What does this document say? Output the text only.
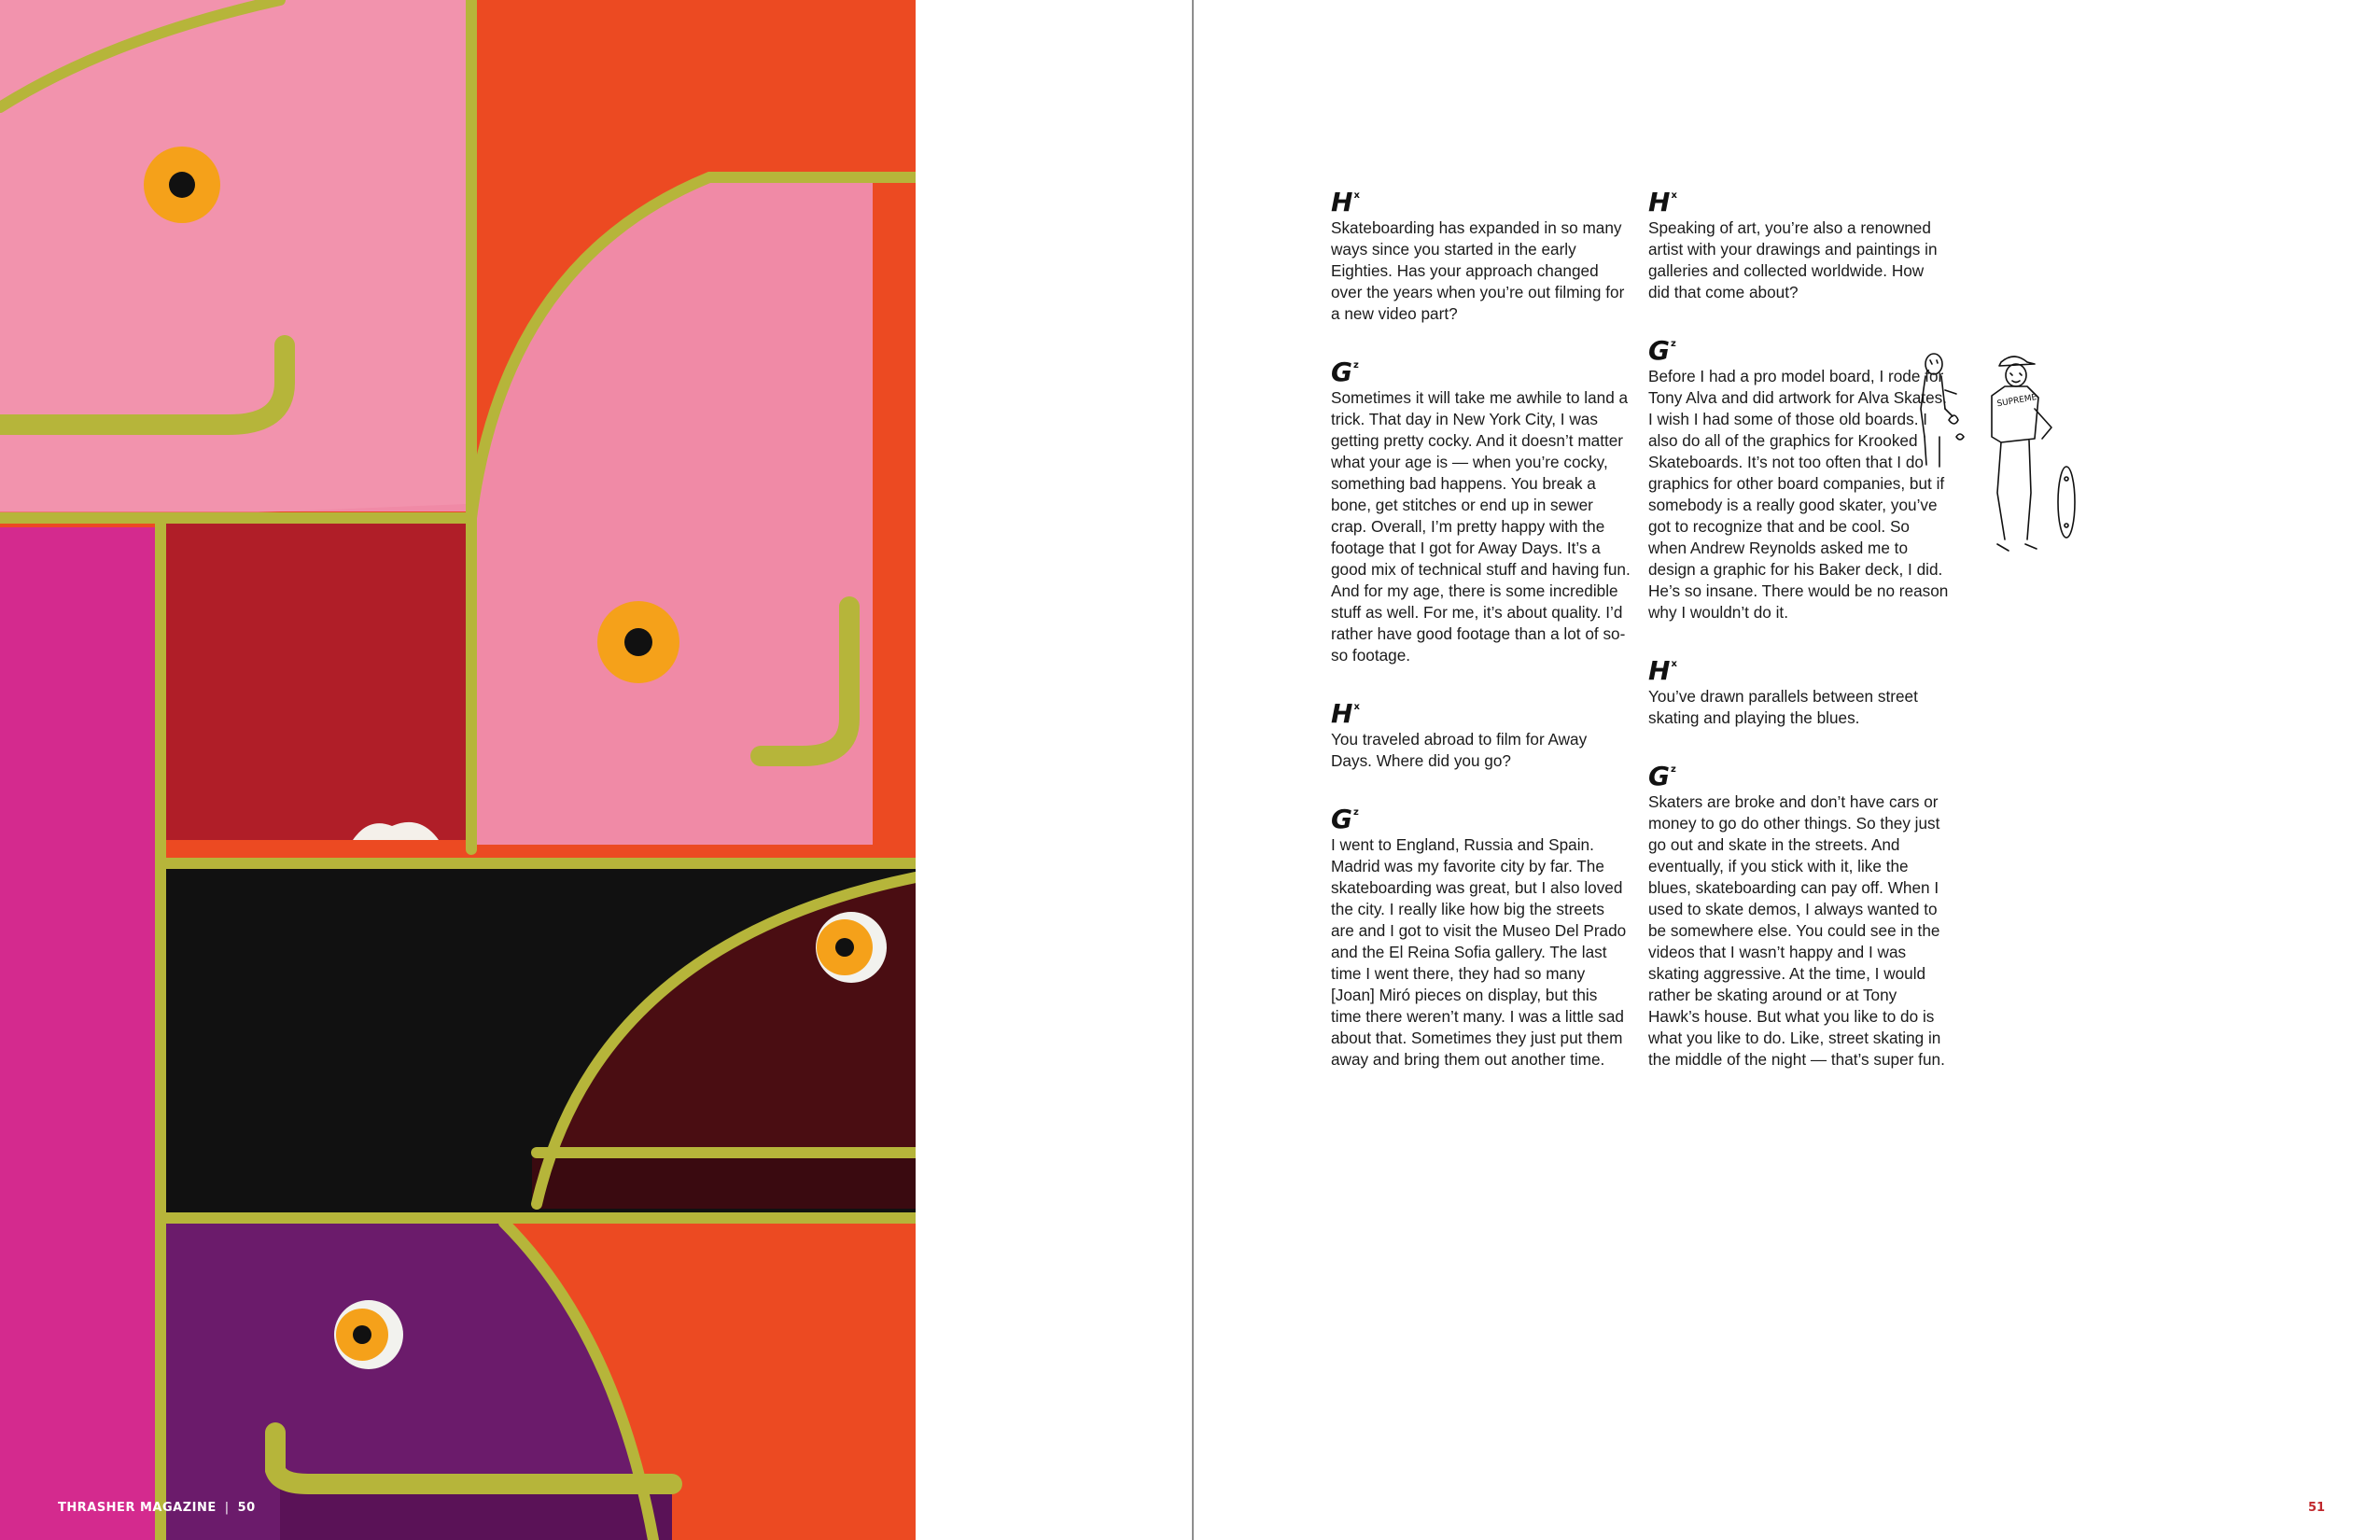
THRASHER MAGAZINE | 50
$H^x$

Skateboarding has expanded in so many ways since you started in the early Eighties. Has your approach changed over the years when you’re out filming for a new video part?

$G^z$

Sometimes it will take me awhile to land a trick. That day in New York City, I was getting pretty cocky. And it doesn’t matter what your age is — when you’re cocky, something bad happens. You break a bone, get stitches or end up in sewer crap. Overall, I’m pretty happy with the footage that I got for Away Days. It’s a good mix of technical stuff and having fun. And for my age, there is some incredible stuff as well. For me, it’s about quality. I’d rather have good footage than a lot of so-so footage.

$H^x$

You traveled abroad to film for Away Days. Where did you go?

$G^z$

I went to England, Russia and Spain. Madrid was my favorite city by far. The skateboarding was great, but I also loved the city. I really like how big the streets are and I got to visit the Museo Del Prado and the El Reina Sofia gallery. The last time I went there, they had so many [Joan] Miró pieces on display, but this time there weren’t many. I was a little sad about that. Sometimes they just put them away and bring them out another time.

$H^x$

Speaking of art, you’re also a renowned artist with your drawings and paintings in galleries and collected worldwide. How did that come about?

$G^z$

Before I had a pro model board, I rode for Tony Alva and did artwork for Alva Skates. I wish I had some of those old boards. I also do all of the graphics for Krooked Skateboards. It’s not too often that I do graphics for other board companies, but if somebody is a really good skater, you’ve got to recognize that and be cool. So when Andrew Reynolds asked me to design a graphic for his Baker deck, I did. He’s so insane. There would be no reason why I wouldn’t do it.

$H^x$

You’ve drawn parallels between street skating and playing the blues.

$G^z$

Skaters are broke and don’t have cars or money to go do other things. So they just go out and skate in the streets. And eventually, if you stick with it, like the blues, skateboarding can pay off. When I used to skate demos, I always wanted to be somewhere else. You could see in the videos that I wasn’t happy and I was skating aggressive. At the time, I would rather be skating around or at Tony Hawk’s house. But what you like to do is what you like to do. Like, street skating in the middle of the night — that’s super fun.

SUPREME
51
